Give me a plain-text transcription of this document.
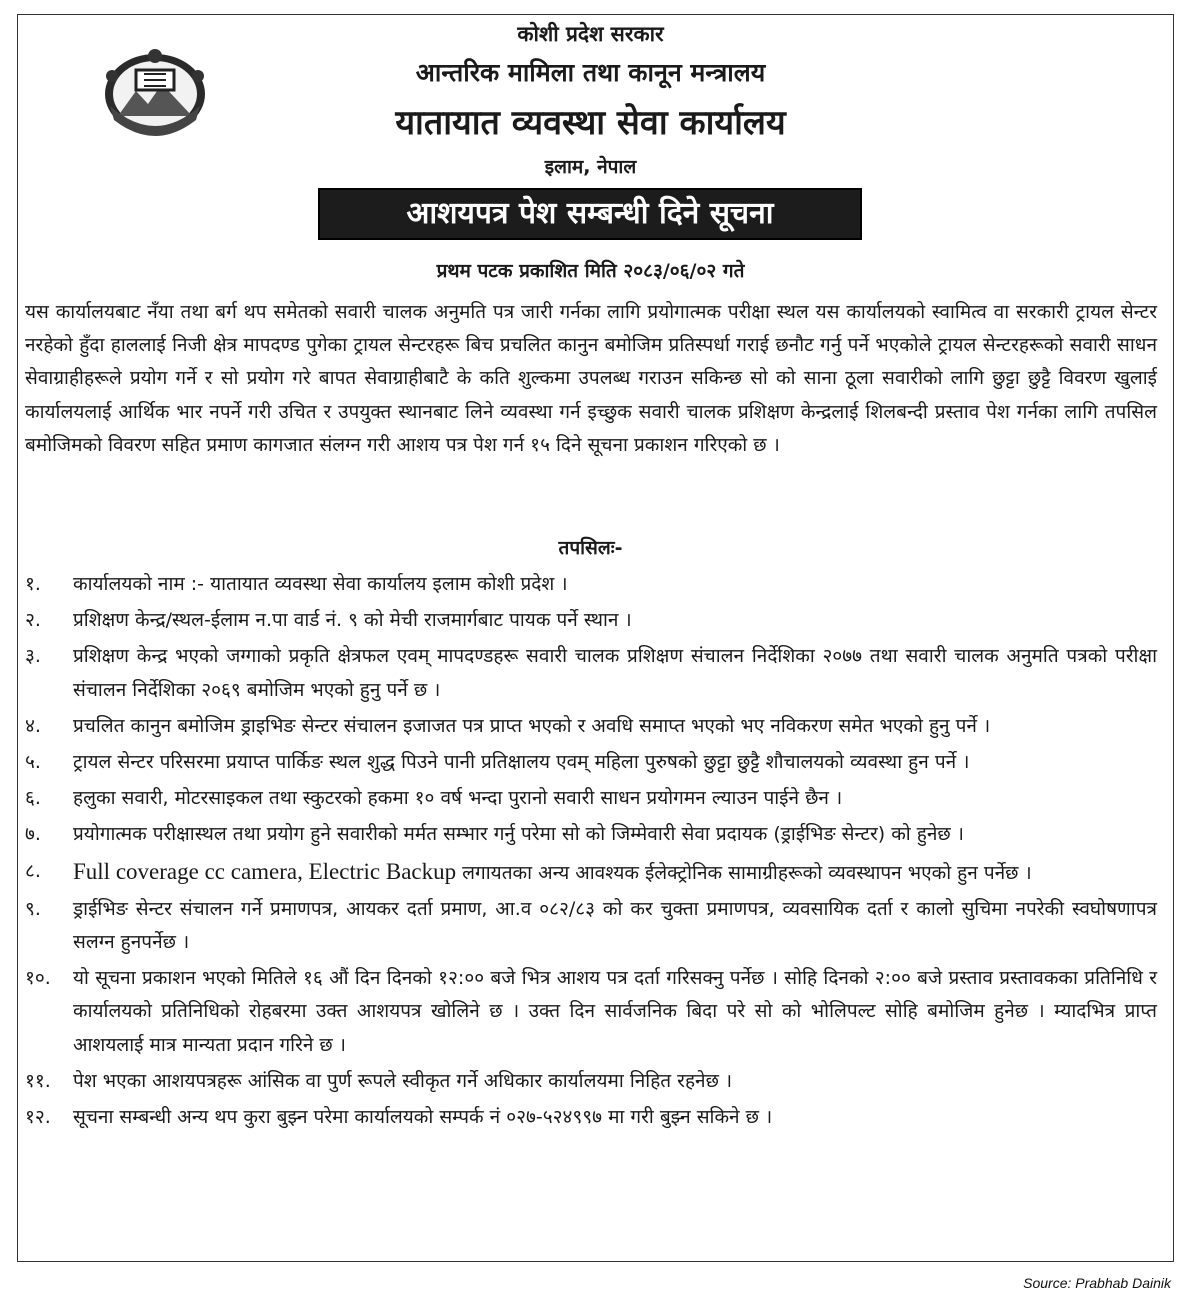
कोशी प्रदेश सरकार
आन्तरिक मामिला तथा कानून मन्त्रालय
यातायात व्यवस्था सेवा कार्यालय
इलाम, नेपाल
आशयपत्र पेश सम्बन्धी दिने सूचना
प्रथम पटक प्रकाशित मिति २०८३/०६/०२ गते

यस कार्यालयबाट नँया तथा बर्ग थप समेतको सवारी चालक अनुमति पत्र जारी गर्नका लागि प्रयोगात्मक परीक्षा स्थल यस कार्यालयको स्वामित्व वा सरकारी ट्रायल सेन्टर नरहेको हुँदा हाललाई निजी क्षेत्र मापदण्ड पुगेका ट्रायल सेन्टरहरू बिच प्रचलित कानुन बमोजिम प्रतिस्पर्धा गराई छनौट गर्नु पर्ने भएकोले ट्रायल सेन्टरहरूको सवारी साधन सेवाग्राहीहरूले प्रयोग गर्ने र सो प्रयोग गरे बापत सेवाग्राहीबाटै के कति शुल्कमा उपलब्ध गराउन सकिन्छ सो को साना ठूला सवारीको लागि छुट्टा छुट्टै विवरण खुलाई कार्यालयलाई आर्थिक भार नपर्ने गरी उचित र उपयुक्त स्थानबाट लिने व्यवस्था गर्न इच्छुक सवारी चालक प्रशिक्षण केन्द्रलाई शिलबन्दी प्रस्ताव पेश गर्नका लागि तपसिल बमोजिमको विवरण सहित प्रमाण कागजात संलग्न गरी आशय पत्र पेश गर्न १५ दिने सूचना प्रकाशन गरिएको छ ।

तपसिलः-
१.	कार्यालयको नाम :- यातायात व्यवस्था सेवा कार्यालय इलाम कोशी प्रदेश ।
२.	प्रशिक्षण केन्द्र/स्थल-ईलाम न.पा वार्ड नं. ९ को मेची राजमार्गबाट पायक पर्ने स्थान ।
३.	प्रशिक्षण केन्द्र भएको जग्गाको प्रकृति क्षेत्रफल एवम् मापदण्डहरू सवारी चालक प्रशिक्षण संचालन निर्देशिका २०७७ तथा सवारी चालक अनुमति पत्रको परीक्षा संचालन निर्देशिका २०६९ बमोजिम भएको हुनु पर्ने छ ।
४.	प्रचलित कानुन बमोजिम ड्राइभिङ सेन्टर संचालन इजाजत पत्र प्राप्त भएको र अवधि समाप्त भएको भए नविकरण समेत भएको हुनु पर्ने ।
५.	ट्रायल सेन्टर परिसरमा प्रयाप्त पार्किङ स्थल शुद्ध पिउने पानी प्रतिक्षालय एवम् महिला पुरुषको छुट्टा छुट्टै शौचालयको व्यवस्था हुन पर्ने ।
६.	हलुका सवारी, मोटरसाइकल तथा स्कुटरको हकमा १० वर्ष भन्दा पुरानो सवारी साधन प्रयोगमन ल्याउन पाईने छैन ।
७.	प्रयोगात्मक परीक्षास्थल तथा प्रयोग हुने सवारीको मर्मत सम्भार गर्नु परेमा सो को जिम्मेवारी सेवा प्रदायक (ड्राईभिङ सेन्टर) को हुनेछ ।
८.	Full coverage cc camera, Electric Backup लगायतका अन्य आवश्यक ईलेक्ट्रोनिक सामाग्रीहरूको व्यवस्थापन भएको हुन पर्नेछ ।
९.	ड्राईभिङ सेन्टर संचालन गर्ने प्रमाणपत्र, आयकर दर्ता प्रमाण, आ.व ०८२/८३ को कर चुक्ता प्रमाणपत्र, व्यवसायिक दर्ता र कालो सुचिमा नपरेकी स्वघोषणापत्र सलग्न हुनपर्नेछ ।
१०.	यो सूचना प्रकाशन भएको मितिले १६ औं दिन दिनको १२:०० बजे भित्र आशय पत्र दर्ता गरिसक्नु पर्नेछ । सोहि दिनको २:०० बजे प्रस्ताव प्रस्तावकका प्रतिनिधि र कार्यालयको प्रतिनिधिको रोहबरमा उक्त आशयपत्र खोलिने छ । उक्त दिन सार्वजनिक बिदा परे सो को भोलिपल्ट सोहि बमोजिम हुनेछ । म्यादभित्र प्राप्त आशयलाई मात्र मान्यता प्रदान गरिने छ ।
११.	पेश भएका आशयपत्रहरू आंसिक वा पुर्ण रूपले स्वीकृत गर्ने अधिकार कार्यालयमा निहित रहनेछ ।
१२.	सूचना सम्बन्धी अन्य थप कुरा बुझ्न परेमा कार्यालयको सम्पर्क नं ०२७-५२४९९७ मा गरी बुझ्न सकिने छ ।
Source: Prabhab Dainik
